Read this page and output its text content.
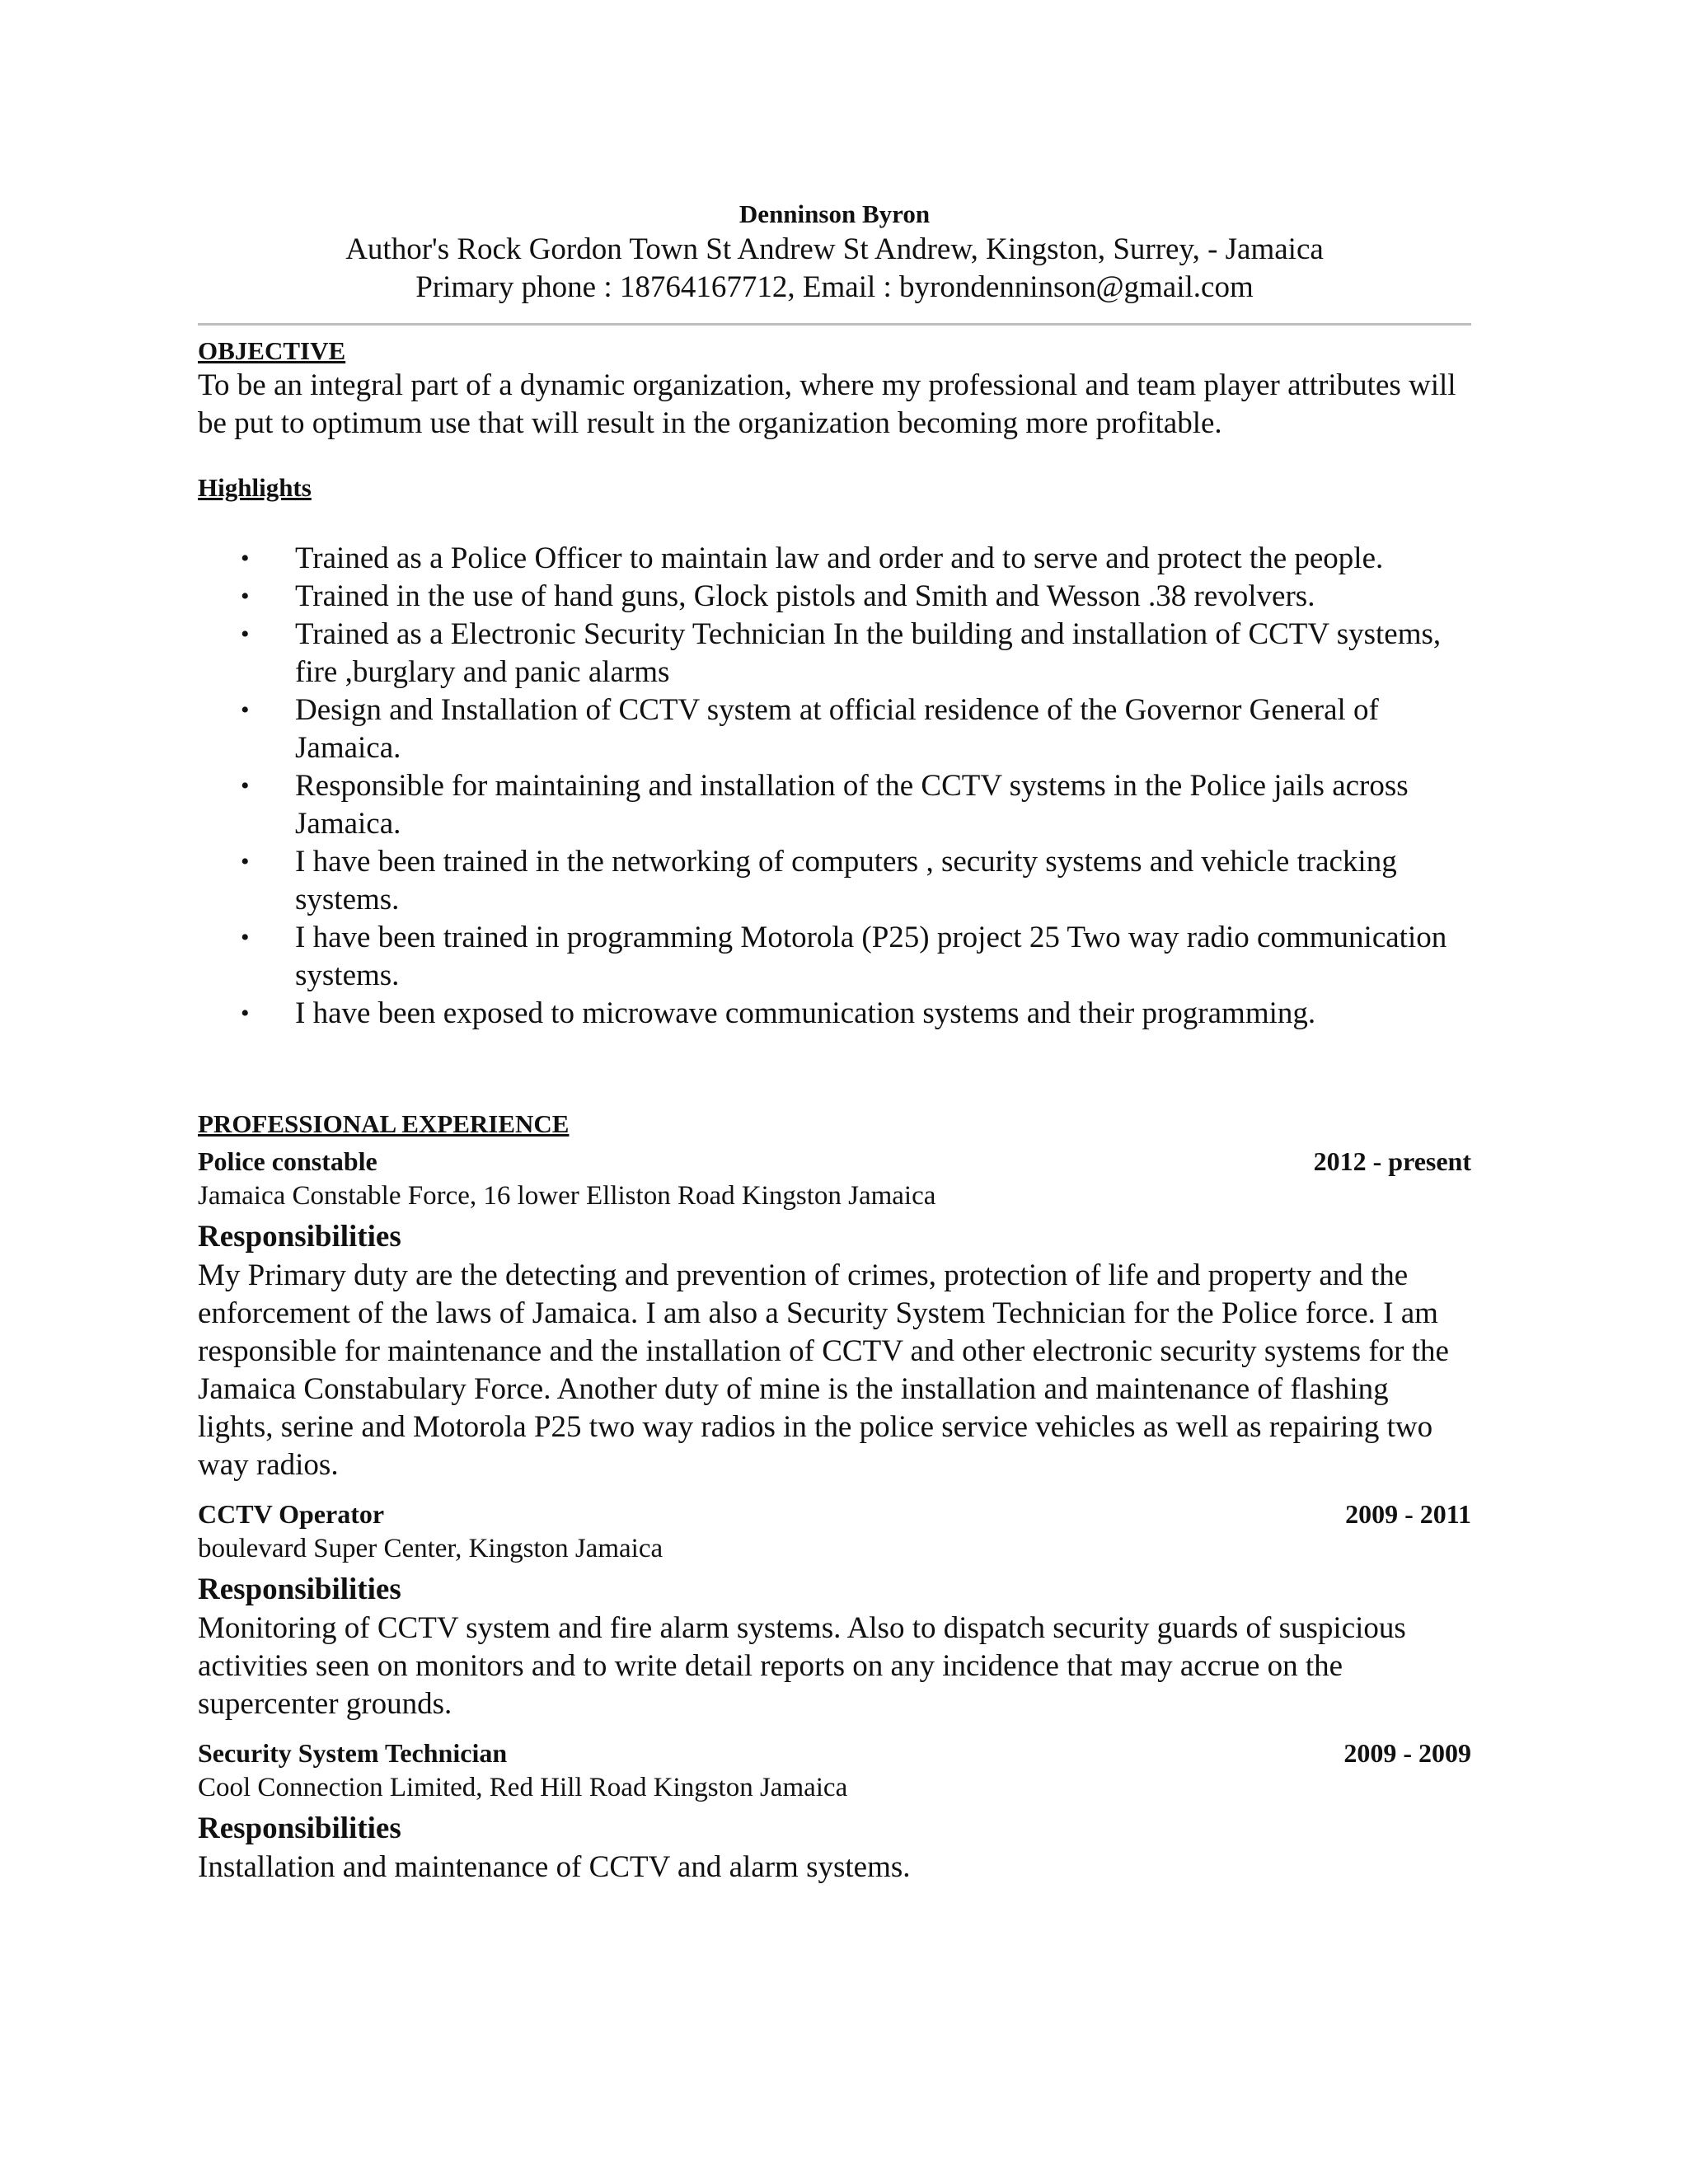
Denninson Byron
Author's Rock Gordon Town St Andrew St Andrew, Kingston, Surrey, - Jamaica
Primary phone : 18764167712, Email : byrondenninson@gmail.com
OBJECTIVE
To be an integral part of a dynamic organization, where my professional and team player attributes will be put to optimum use that will result in the organization becoming more profitable.
Highlights
• Trained as a Police Officer to maintain law and order and to serve and protect the people.
• Trained in the use of hand guns, Glock pistols and Smith and Wesson .38 revolvers.
• Trained as a Electronic Security Technician In the building and installation of CCTV systems, fire ,burglary and panic alarms
• Design and Installation of CCTV system at official residence of the Governor General of Jamaica.
• Responsible for maintaining and installation of the CCTV systems in the Police jails across Jamaica.
• I have been trained in the networking of computers , security systems and vehicle tracking systems.
• I have been trained in programming Motorola (P25) project 25 Two way radio communication systems.
• I have been exposed to microwave communication systems and their programming.
PROFESSIONAL EXPERIENCE
Police constable	2012 - present
Jamaica Constable Force, 16 lower Elliston Road Kingston Jamaica
Responsibilities
My Primary duty are the detecting and prevention of crimes, protection of life and property and the enforcement of the laws of Jamaica. I am also a Security System Technician for the Police force. I am responsible for maintenance and the installation of CCTV and other electronic security systems for the Jamaica Constabulary Force. Another duty of mine is the installation and maintenance of flashing lights, serine and Motorola P25 two way radios in the police service vehicles as well as repairing two way radios.
CCTV Operator	2009 - 2011
boulevard Super Center, Kingston Jamaica
Responsibilities
Monitoring of CCTV system and fire alarm systems. Also to dispatch security guards of suspicious activities seen on monitors and to write detail reports on any incidence that may accrue on the supercenter grounds.
Security System Technician	2009 - 2009
Cool Connection Limited, Red Hill Road Kingston Jamaica
Responsibilities
Installation and maintenance of CCTV and alarm systems.
